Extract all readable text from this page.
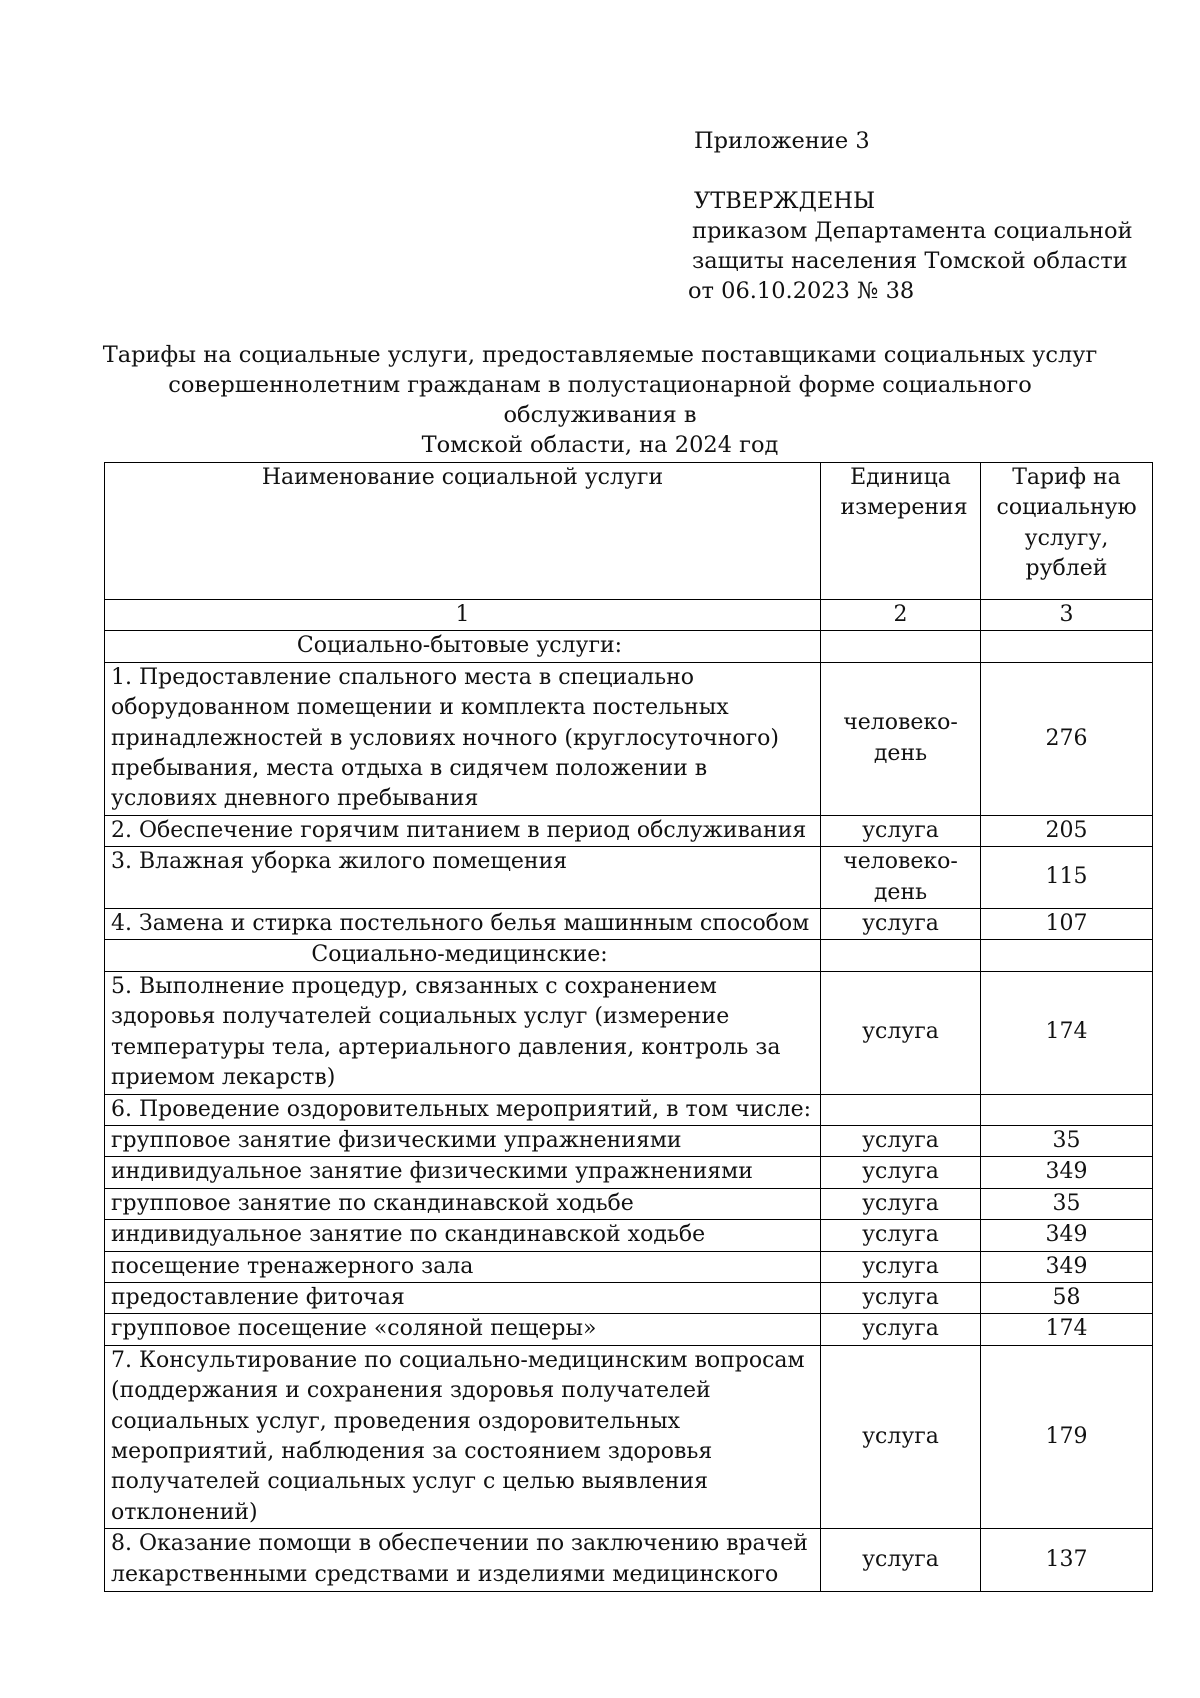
Приложение 3
УТВЕРЖДЕНЫ
приказом Департамента социальной
защиты населения Томской области
от 06.10.2023 № 38
Тарифы на социальные услуги, предоставляемые поставщиками социальных услуг
совершеннолетним гражданам в полустационарной форме социального обслуживания в
Томской области, на 2024 год
Наименование социальной услуги	Единица измерения	Тариф на социальную услугу, рублей

1	2	3

Социально-бытовые услуги:		

1. Предоставление спального места в специально оборудованном помещении и комплекта постельных принадлежностей в условиях ночного (круглосуточного) пребывания, места отдыха в сидячем положении в условиях дневного пребывания	человеко-день	276

2. Обеспечение горячим питанием в период обслуживания	услуга	205

3. Влажная уборка жилого помещения	человеко-день	115

4. Замена и стирка постельного белья машинным способом	услуга	107

Социально-медицинские:		

5. Выполнение процедур, связанных с сохранением здоровья получателей социальных услуг (измерение температуры тела, артериального давления, контроль за приемом лекарств)	услуга	174

6. Проведение оздоровительных мероприятий, в том числе:		

групповое занятие физическими упражнениями	услуга	35

индивидуальное занятие физическими упражнениями	услуга	349

групповое занятие по скандинавской ходьбе	услуга	35

индивидуальное занятие по скандинавской ходьбе	услуга	349

посещение тренажерного зала	услуга	349

предоставление фиточая	услуга	58

групповое посещение «соляной пещеры»	услуга	174

7. Консультирование по социально-медицинским вопросам (поддержания и сохранения здоровья получателей социальных услуг, проведения оздоровительных мероприятий, наблюдения за состоянием здоровья получателей социальных услуг с целью выявления отклонений)	услуга	179

8. Оказание помощи в обеспечении по заключению врачей лекарственными средствами и изделиями медицинского	услуга	137
